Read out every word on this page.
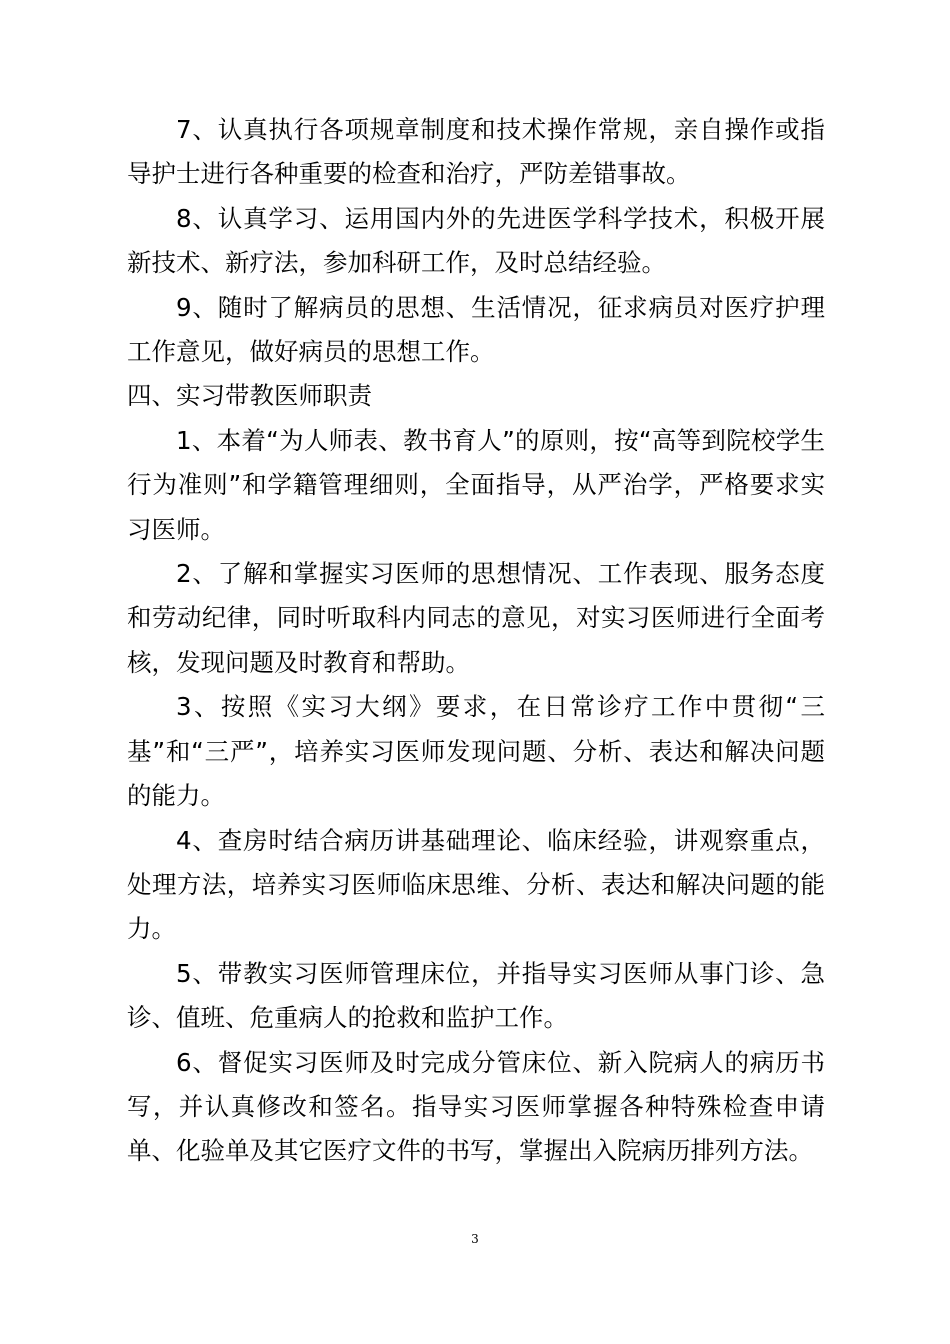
7、认真执行各项规章制度和技术操作常规，亲自操作或指导护士进行各种重要的检查和治疗，严防差错事故。

8、认真学习、运用国内外的先进医学科学技术，积极开展新技术、新疗法，参加科研工作，及时总结经验。

9、随时了解病员的思想、生活情况，征求病员对医疗护理工作意见，做好病员的思想工作。

四、实习带教医师职责

1、本着“为人师表、教书育人”的原则，按“高等到院校学生行为准则”和学籍管理细则，全面指导，从严治学，严格要求实习医师。

2、了解和掌握实习医师的思想情况、工作表现、服务态度和劳动纪律，同时听取科内同志的意见，对实习医师进行全面考核，发现问题及时教育和帮助。

3、按照《实习大纲》要求，在日常诊疗工作中贯彻“三基”和“三严”，培养实习医师发现问题、分析、表达和解决问题的能力。

4、查房时结合病历讲基础理论、临床经验，讲观察重点，处理方法，培养实习医师临床思维、分析、表达和解决问题的能力。

5、带教实习医师管理床位，并指导实习医师从事门诊、急诊、值班、危重病人的抢救和监护工作。

6、督促实习医师及时完成分管床位、新入院病人的病历书写，并认真修改和签名。指导实习医师掌握各种特殊检查申请单、化验单及其它医疗文件的书写，掌握出入院病历排列方法。

3
